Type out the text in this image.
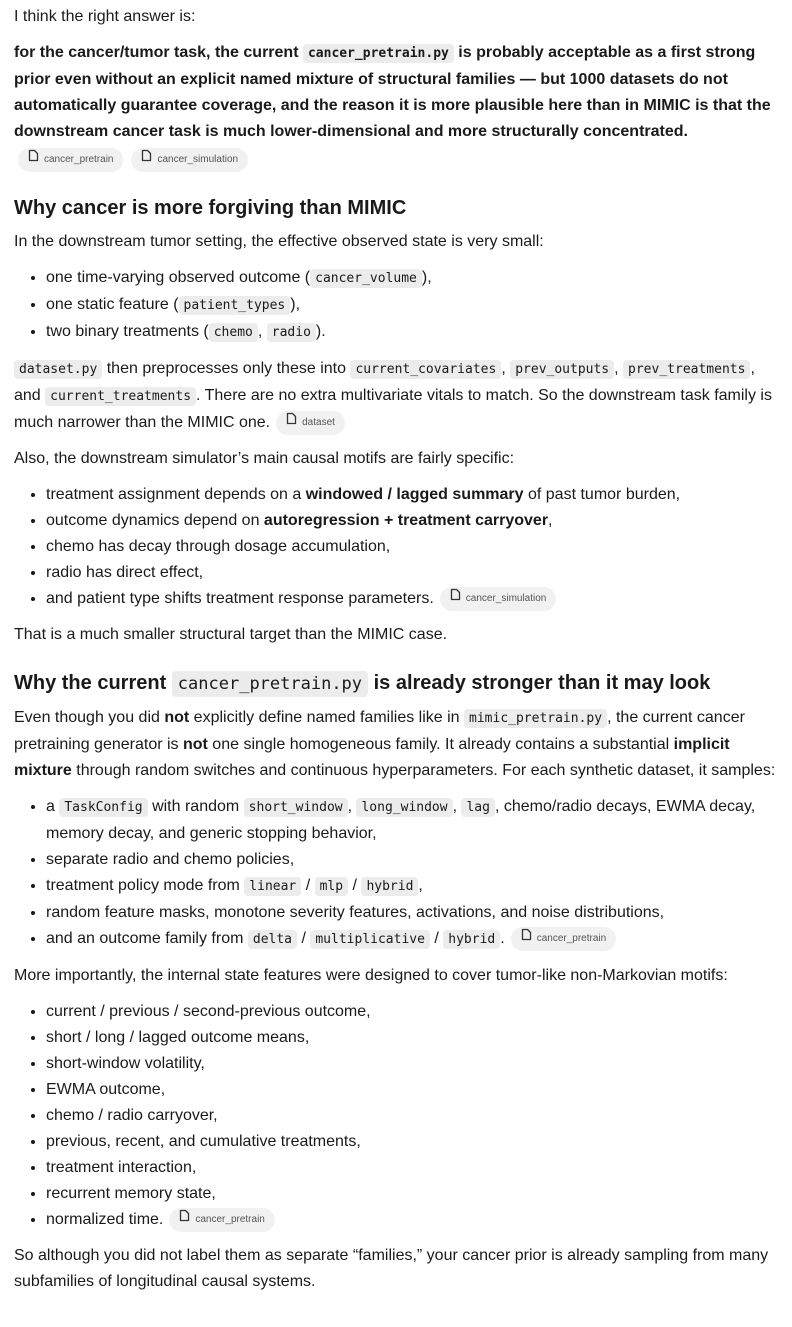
I think the right answer is:

for the cancer/tumor task, the current cancer_pretrain.py is probably acceptable as a first strong prior even without an explicit named mixture of structural families — but 1000 datasets do not automatically guarantee coverage, and the reason it is more plausible here than in MIMIC is that the downstream cancer task is much lower-dimensional and more structurally concentrated.

cancer_pretrain	cancer_simulation
Why cancer is more forgiving than MIMIC

In the downstream tumor setting, the effective observed state is very small:

• one time-varying observed outcome ( cancer_volume ),
• one static feature ( patient_types ),
• two binary treatments ( chemo , radio ).

dataset.py then preprocesses only these into current_covariates , prev_outputs , prev_treatments , and current_treatments . There are no extra multivariate vitals to match. So the downstream task family is much narrower than the MIMIC one.	dataset

Also, the downstream simulator’s main causal motifs are fairly specific:

• treatment assignment depends on a windowed / lagged summary of past tumor burden,
• outcome dynamics depend on autoregression + treatment carryover,
• chemo has decay through dosage accumulation,
• radio has direct effect,
• and patient type shifts treatment response parameters.	cancer_simulation

That is a much smaller structural target than the MIMIC case.

Why the current cancer_pretrain.py is already stronger than it may look

Even though you did not explicitly define named families like in mimic_pretrain.py , the current cancer pretraining generator is not one single homogeneous family. It already contains a substantial implicit mixture through random switches and continuous hyperparameters. For each synthetic dataset, it samples:

• a TaskConfig with random short_window , long_window , lag , chemo/radio decays, EWMA decay, memory decay, and generic stopping behavior,
• separate radio and chemo policies,
• treatment policy mode from linear / mlp / hybrid ,
• random feature masks, monotone severity features, activations, and noise distributions,
• and an outcome family from delta / multiplicative / hybrid .	cancer_pretrain

More importantly, the internal state features were designed to cover tumor-like non-Markovian motifs:

• current / previous / second-previous outcome,
• short / long / lagged outcome means,
• short-window volatility,
• EWMA outcome,
• chemo / radio carryover,
• previous, recent, and cumulative treatments,
• treatment interaction,
• recurrent memory state,
• normalized time.	cancer_pretrain

So although you did not label them as separate “families,” your cancer prior is already sampling from many subfamilies of longitudinal causal systems.
